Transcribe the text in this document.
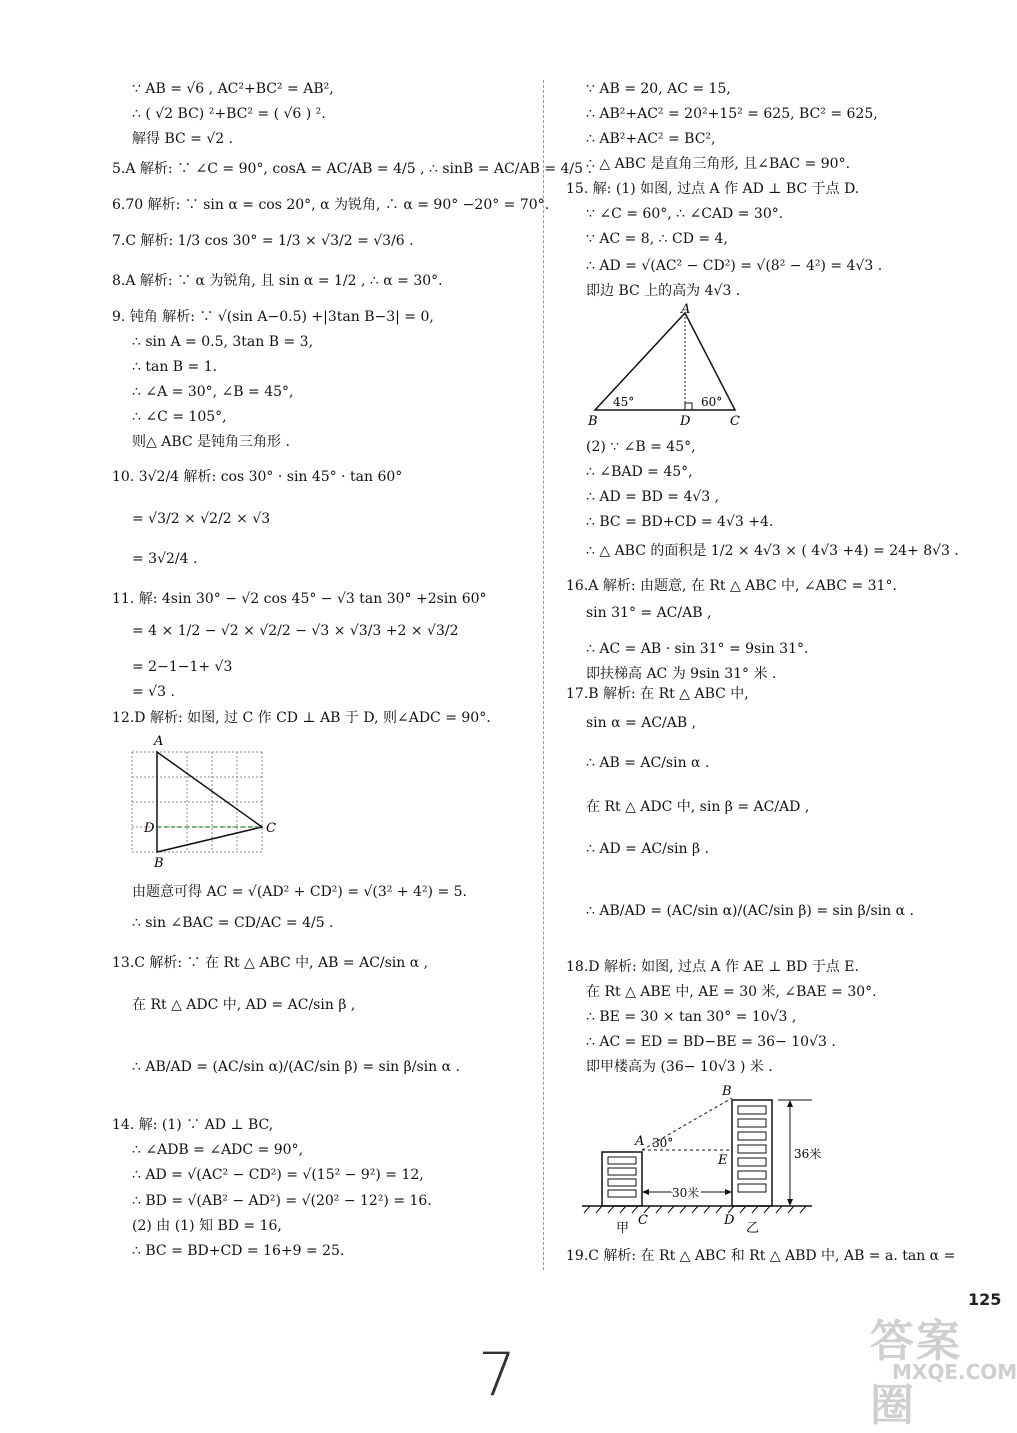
∵ AB = √6 , AC²+BC² = AB²,
∴ ( √2 BC) ²+BC² = ( √6 ) ².
解得 BC = √2 .
5.A 解析: ∵ ∠C = 90°, cosA = AC/AB = 4/5 , ∴ sinB = AC/AB = 4/5 .
6.70 解析: ∵ sin α = cos 20°, α 为锐角, ∴ α = 90° −20° = 70°.
7.C 解析: 1/3 cos 30° = 1/3 × √3/2 = √3/6 .
8.A 解析: ∵ α 为锐角, 且 sin α = 1/2 , ∴ α = 30°.
9. 钝角 解析: ∵ √(sin A−0.5) +|3tan B−3| = 0,
∴ sin A = 0.5, 3tan B = 3,
∴ tan B = 1.
∴ ∠A = 30°, ∠B = 45°,
∴ ∠C = 105°,
则△ ABC 是钝角三角形 .
10. 3√2/4 解析: cos 30° · sin 45° · tan 60°
= √3/2 × √2/2 × √3
= 3√2/4 .
11. 解: 4sin 30° − √2 cos 45° − √3 tan 30° +2sin 60°
= 4 × 1/2 − √2 × √2/2 − √3 × √3/3 +2 × √3/2
= 2−1−1+ √3
= √3 .
12.D 解析: 如图, 过 C 作 CD ⊥ AB 于 D, 则∠ADC = 90°.
由题意可得 AC = √(AD² + CD²) = √(3² + 4²) = 5.
∴ sin ∠BAC = CD/AC = 4/5 .
13.C 解析: ∵ 在 Rt △ ABC 中, AB = AC/sin α ,
在 Rt △ ADC 中, AD = AC/sin β ,
∴ AB/AD = (AC/sin α)/(AC/sin β) = sin β/sin α .
14. 解: (1) ∵ AD ⊥ BC,
∴ ∠ADB = ∠ADC = 90°,
∴ AD = √(AC² − CD²) = √(15² − 9²) = 12,
∴ BD = √(AB² − AD²) = √(20² − 12²) = 16.
(2) 由 (1) 知 BD = 16,
∴ BC = BD+CD = 16+9 = 25.
∵ AB = 20, AC = 15,
∴ AB²+AC² = 20²+15² = 625, BC² = 625,
∴ AB²+AC² = BC²,
∴ △ ABC 是直角三角形, 且∠BAC = 90°.
15. 解: (1) 如图, 过点 A 作 AD ⊥ BC 于点 D.
∵ ∠C = 60°, ∴ ∠CAD = 30°.
∵ AC = 8, ∴ CD = 4,
∴ AD = √(AC² − CD²) = √(8² − 4²) = 4√3 .
即边 BC 上的高为 4√3 .
(2) ∵ ∠B = 45°,
∴ ∠BAD = 45°,
∴ AD = BD = 4√3 ,
∴ BC = BD+CD = 4√3 +4.
∴ △ ABC 的面积是 1/2 × 4√3 × ( 4√3 +4) = 24+ 8√3 .
16.A 解析: 由题意, 在 Rt △ ABC 中, ∠ABC = 31°.
sin 31° = AC/AB ,
∴ AC = AB · sin 31° = 9sin 31°.
即扶梯高 AC 为 9sin 31° 米 .
17.B 解析: 在 Rt △ ABC 中,
sin α = AC/AB ,
∴ AB = AC/sin α .
在 Rt △ ADC 中, sin β = AC/AD ,
∴ AD = AC/sin β .
∴ AB/AD = (AC/sin α)/(AC/sin β) = sin β/sin α .
18.D 解析: 如图, 过点 A 作 AE ⊥ BD 于点 E.
在 Rt △ ABE 中, AE = 30 米, ∠BAE = 30°.
∴ BE = 30 × tan 30° = 10√3 ,
∴ AC = ED = BD−BE = 36− 10√3 .
即甲楼高为 (36− 10√3 ) 米 .
19.C 解析: 在 Rt △ ABC 和 Rt △ ABD 中, AB = a. tan α =
A
B
C
D
A
B	C
D
45°	60°
B
A 30°
E	36米
30米
C	D
甲	乙
125
答案圈
MXQE.COM
7
